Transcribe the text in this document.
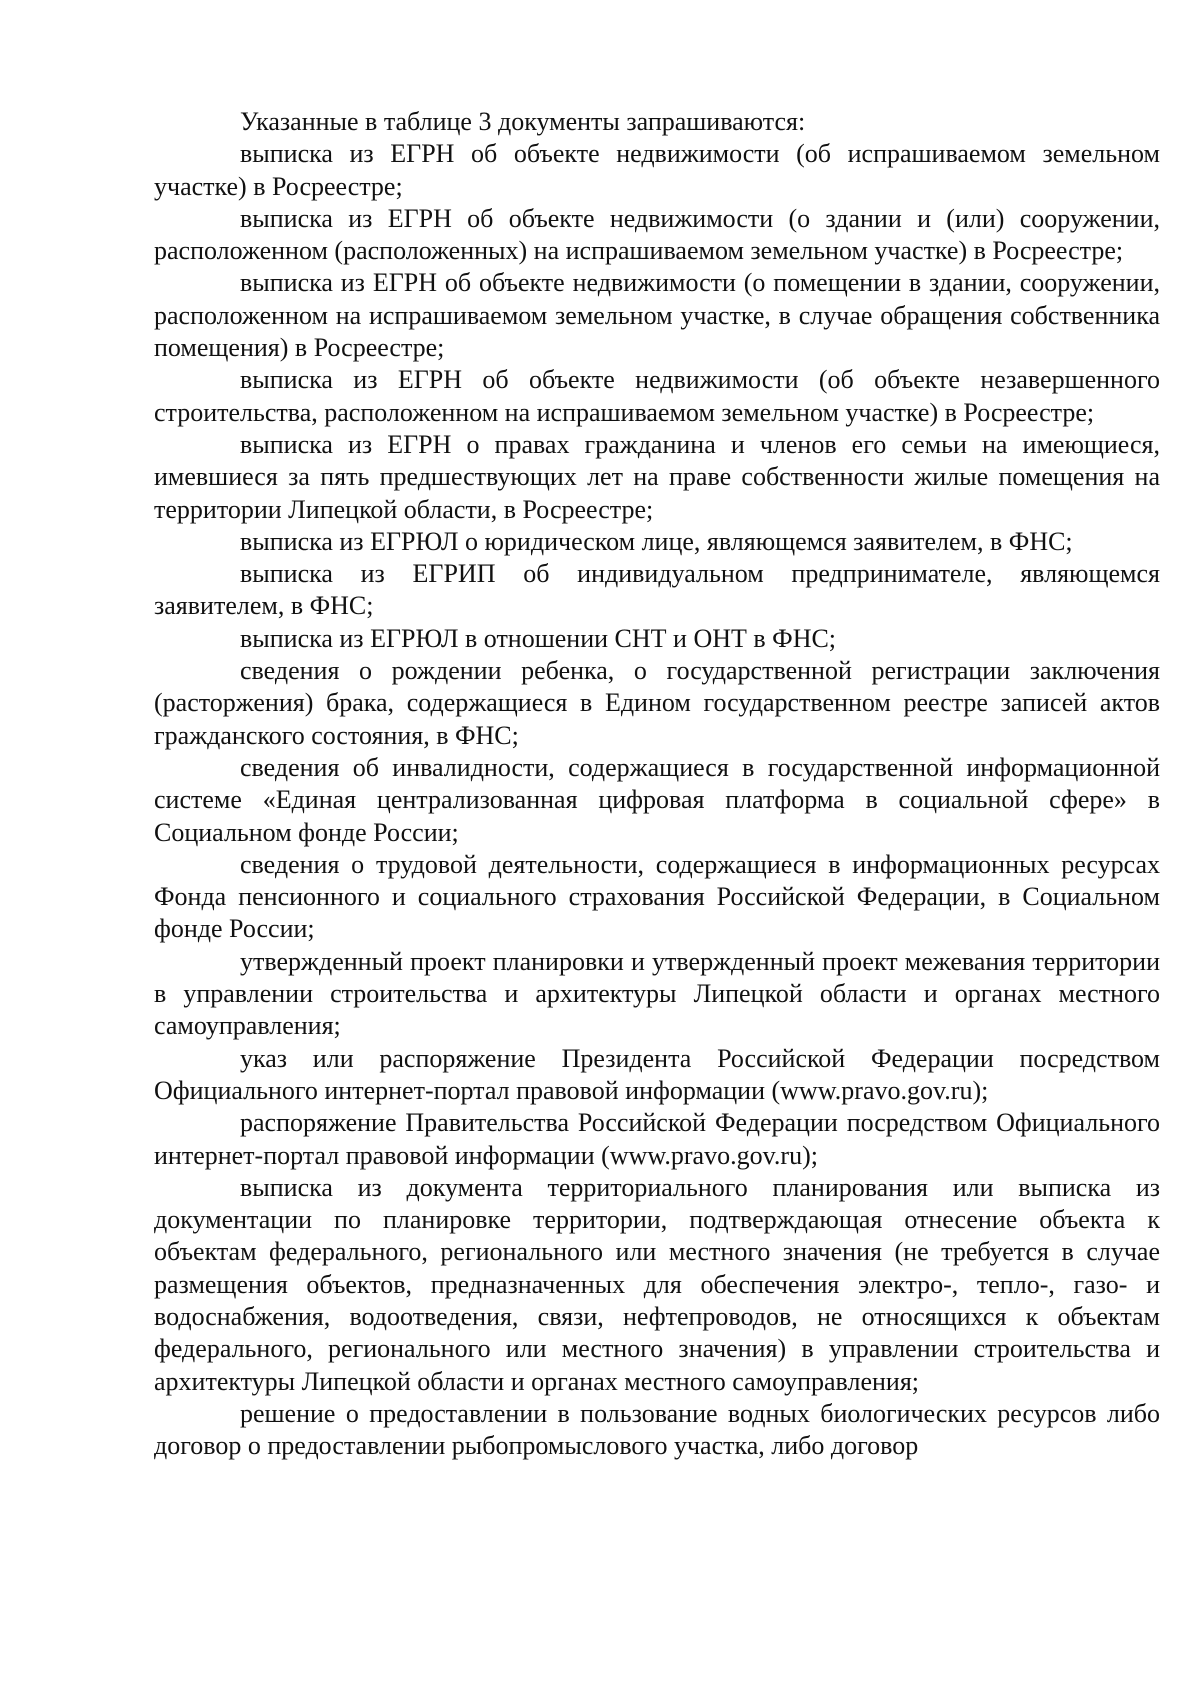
Указанные в таблице 3 документы запрашиваются:

выписка из ЕГРН об объекте недвижимости (об испрашиваемом земельном участке) в Росреестре;

выписка из ЕГРН об объекте недвижимости (о здании и (или) сооружении, расположенном (расположенных) на испрашиваемом земельном участке) в Росреестре;

выписка из ЕГРН об объекте недвижимости (о помещении в здании, сооружении, расположенном на испрашиваемом земельном участке, в случае обращения собственника помещения) в Росреестре;

выписка из ЕГРН об объекте недвижимости (об объекте незавершенного строительства, расположенном на испрашиваемом земельном участке) в Росреестре;

выписка из ЕГРН о правах гражданина и членов его семьи на имеющиеся, имевшиеся за пять предшествующих лет на праве собственности жилые помещения на территории Липецкой области, в Росреестре;

выписка из ЕГРЮЛ о юридическом лице, являющемся заявителем, в ФНС;

выписка из ЕГРИП об индивидуальном предпринимателе, являющемся заявителем, в ФНС;

выписка из ЕГРЮЛ в отношении СНТ и ОНТ в ФНС;

сведения о рождении ребенка, о государственной регистрации заключения (расторжения) брака, содержащиеся в Едином государственном реестре записей актов гражданского состояния, в ФНС;

сведения об инвалидности, содержащиеся в государственной информационной системе «Единая централизованная цифровая платформа в социальной сфере» в Социальном фонде России;

сведения о трудовой деятельности, содержащиеся в информационных ресурсах Фонда пенсионного и социального страхования Российской Федерации, в Социальном фонде России;

утвержденный проект планировки и утвержденный проект межевания территории в управлении строительства и архитектуры Липецкой области и органах местного самоуправления;

указ или распоряжение Президента Российской Федерации посредством Официального интернет-портал правовой информации (www.pravo.gov.ru);

распоряжение Правительства Российской Федерации посредством Официального интернет-портал правовой информации (www.pravo.gov.ru);

выписка из документа территориального планирования или выписка из документации по планировке территории, подтверждающая отнесение объекта к объектам федерального, регионального или местного значения (не требуется в случае размещения объектов, предназначенных для обеспечения электро-, тепло-, газо- и водоснабжения, водоотведения, связи, нефтепроводов, не относящихся к объектам федерального, регионального или местного значения) в управлении строительства и архитектуры Липецкой области и органах местного самоуправления;

решение о предоставлении в пользование водных биологических ресурсов либо договор о предоставлении рыбопромыслового участка, либо договор
